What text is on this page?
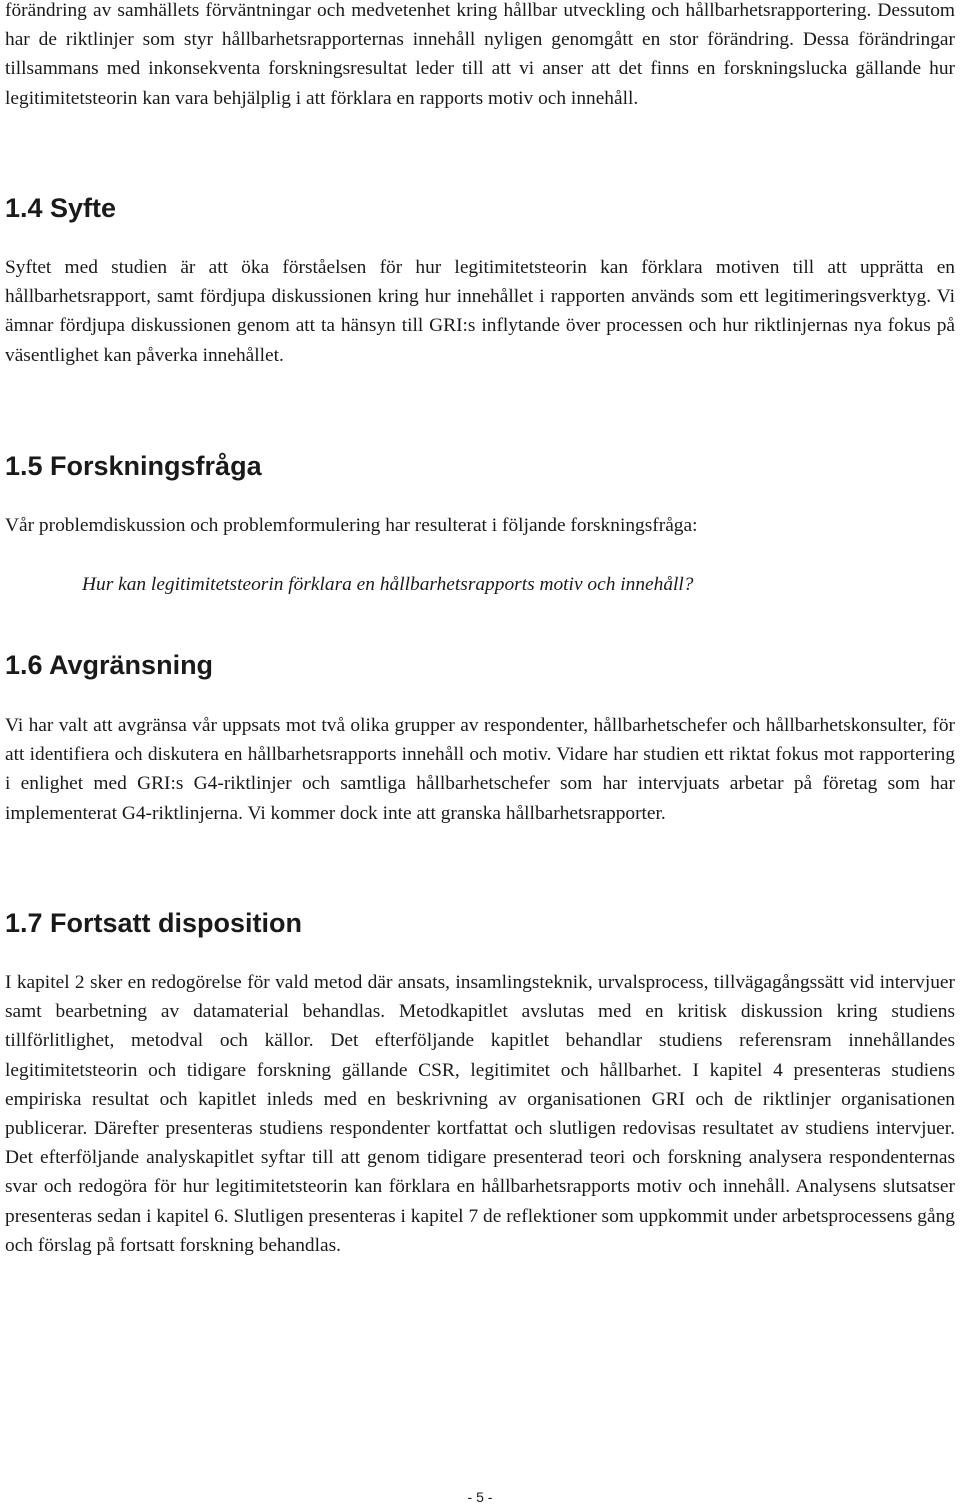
förändring av samhällets förväntningar och medvetenhet kring hållbar utveckling och hållbarhetsrapportering. Dessutom har de riktlinjer som styr hållbarhetsrapporternas innehåll nyligen genomgått en stor förändring. Dessa förändringar tillsammans med inkonsekventa forskningsresultat leder till att vi anser att det finns en forskningslucka gällande hur legitimitetsteorin kan vara behjälplig i att förklara en rapports motiv och innehåll.

1.4 Syfte

Syftet med studien är att öka förståelsen för hur legitimitetsteorin kan förklara motiven till att upprätta en hållbarhetsrapport, samt fördjupa diskussionen kring hur innehållet i rapporten används som ett legitimeringsverktyg. Vi ämnar fördjupa diskussionen genom att ta hänsyn till GRI:s inflytande över processen och hur riktlinjernas nya fokus på väsentlighet kan påverka innehållet.

1.5 Forskningsfråga

Vår problemdiskussion och problemformulering har resulterat i följande forskningsfråga:

Hur kan legitimitetsteorin förklara en hållbarhetsrapports motiv och innehåll?

1.6 Avgränsning

Vi har valt att avgränsa vår uppsats mot två olika grupper av respondenter, hållbarhetschefer och hållbarhetskonsulter, för att identifiera och diskutera en hållbarhetsrapports innehåll och motiv. Vidare har studien ett riktat fokus mot rapportering i enlighet med GRI:s G4-riktlinjer och samtliga hållbarhetschefer som har intervjuats arbetar på företag som har implementerat G4-riktlinjerna. Vi kommer dock inte att granska hållbarhetsrapporter.

1.7 Fortsatt disposition

I kapitel 2 sker en redogörelse för vald metod där ansats, insamlingsteknik, urvalsprocess, tillvägagångssätt vid intervjuer samt bearbetning av datamaterial behandlas. Metodkapitlet avslutas med en kritisk diskussion kring studiens tillförlitlighet, metodval och källor. Det efterföljande kapitlet behandlar studiens referensram innehållandes legitimitetsteorin och tidigare forskning gällande CSR, legitimitet och hållbarhet. I kapitel 4 presenteras studiens empiriska resultat och kapitlet inleds med en beskrivning av organisationen GRI och de riktlinjer organisationen publicerar. Därefter presenteras studiens respondenter kortfattat och slutligen redovisas resultatet av studiens intervjuer. Det efterföljande analyskapitlet syftar till att genom tidigare presenterad teori och forskning analysera respondenternas svar och redogöra för hur legitimitetsteorin kan förklara en hållbarhetsrapports motiv och innehåll. Analysens slutsatser presenteras sedan i kapitel 6. Slutligen presenteras i kapitel 7 de reflektioner som uppkommit under arbetsprocessens gång och förslag på fortsatt forskning behandlas.

- 5 -
